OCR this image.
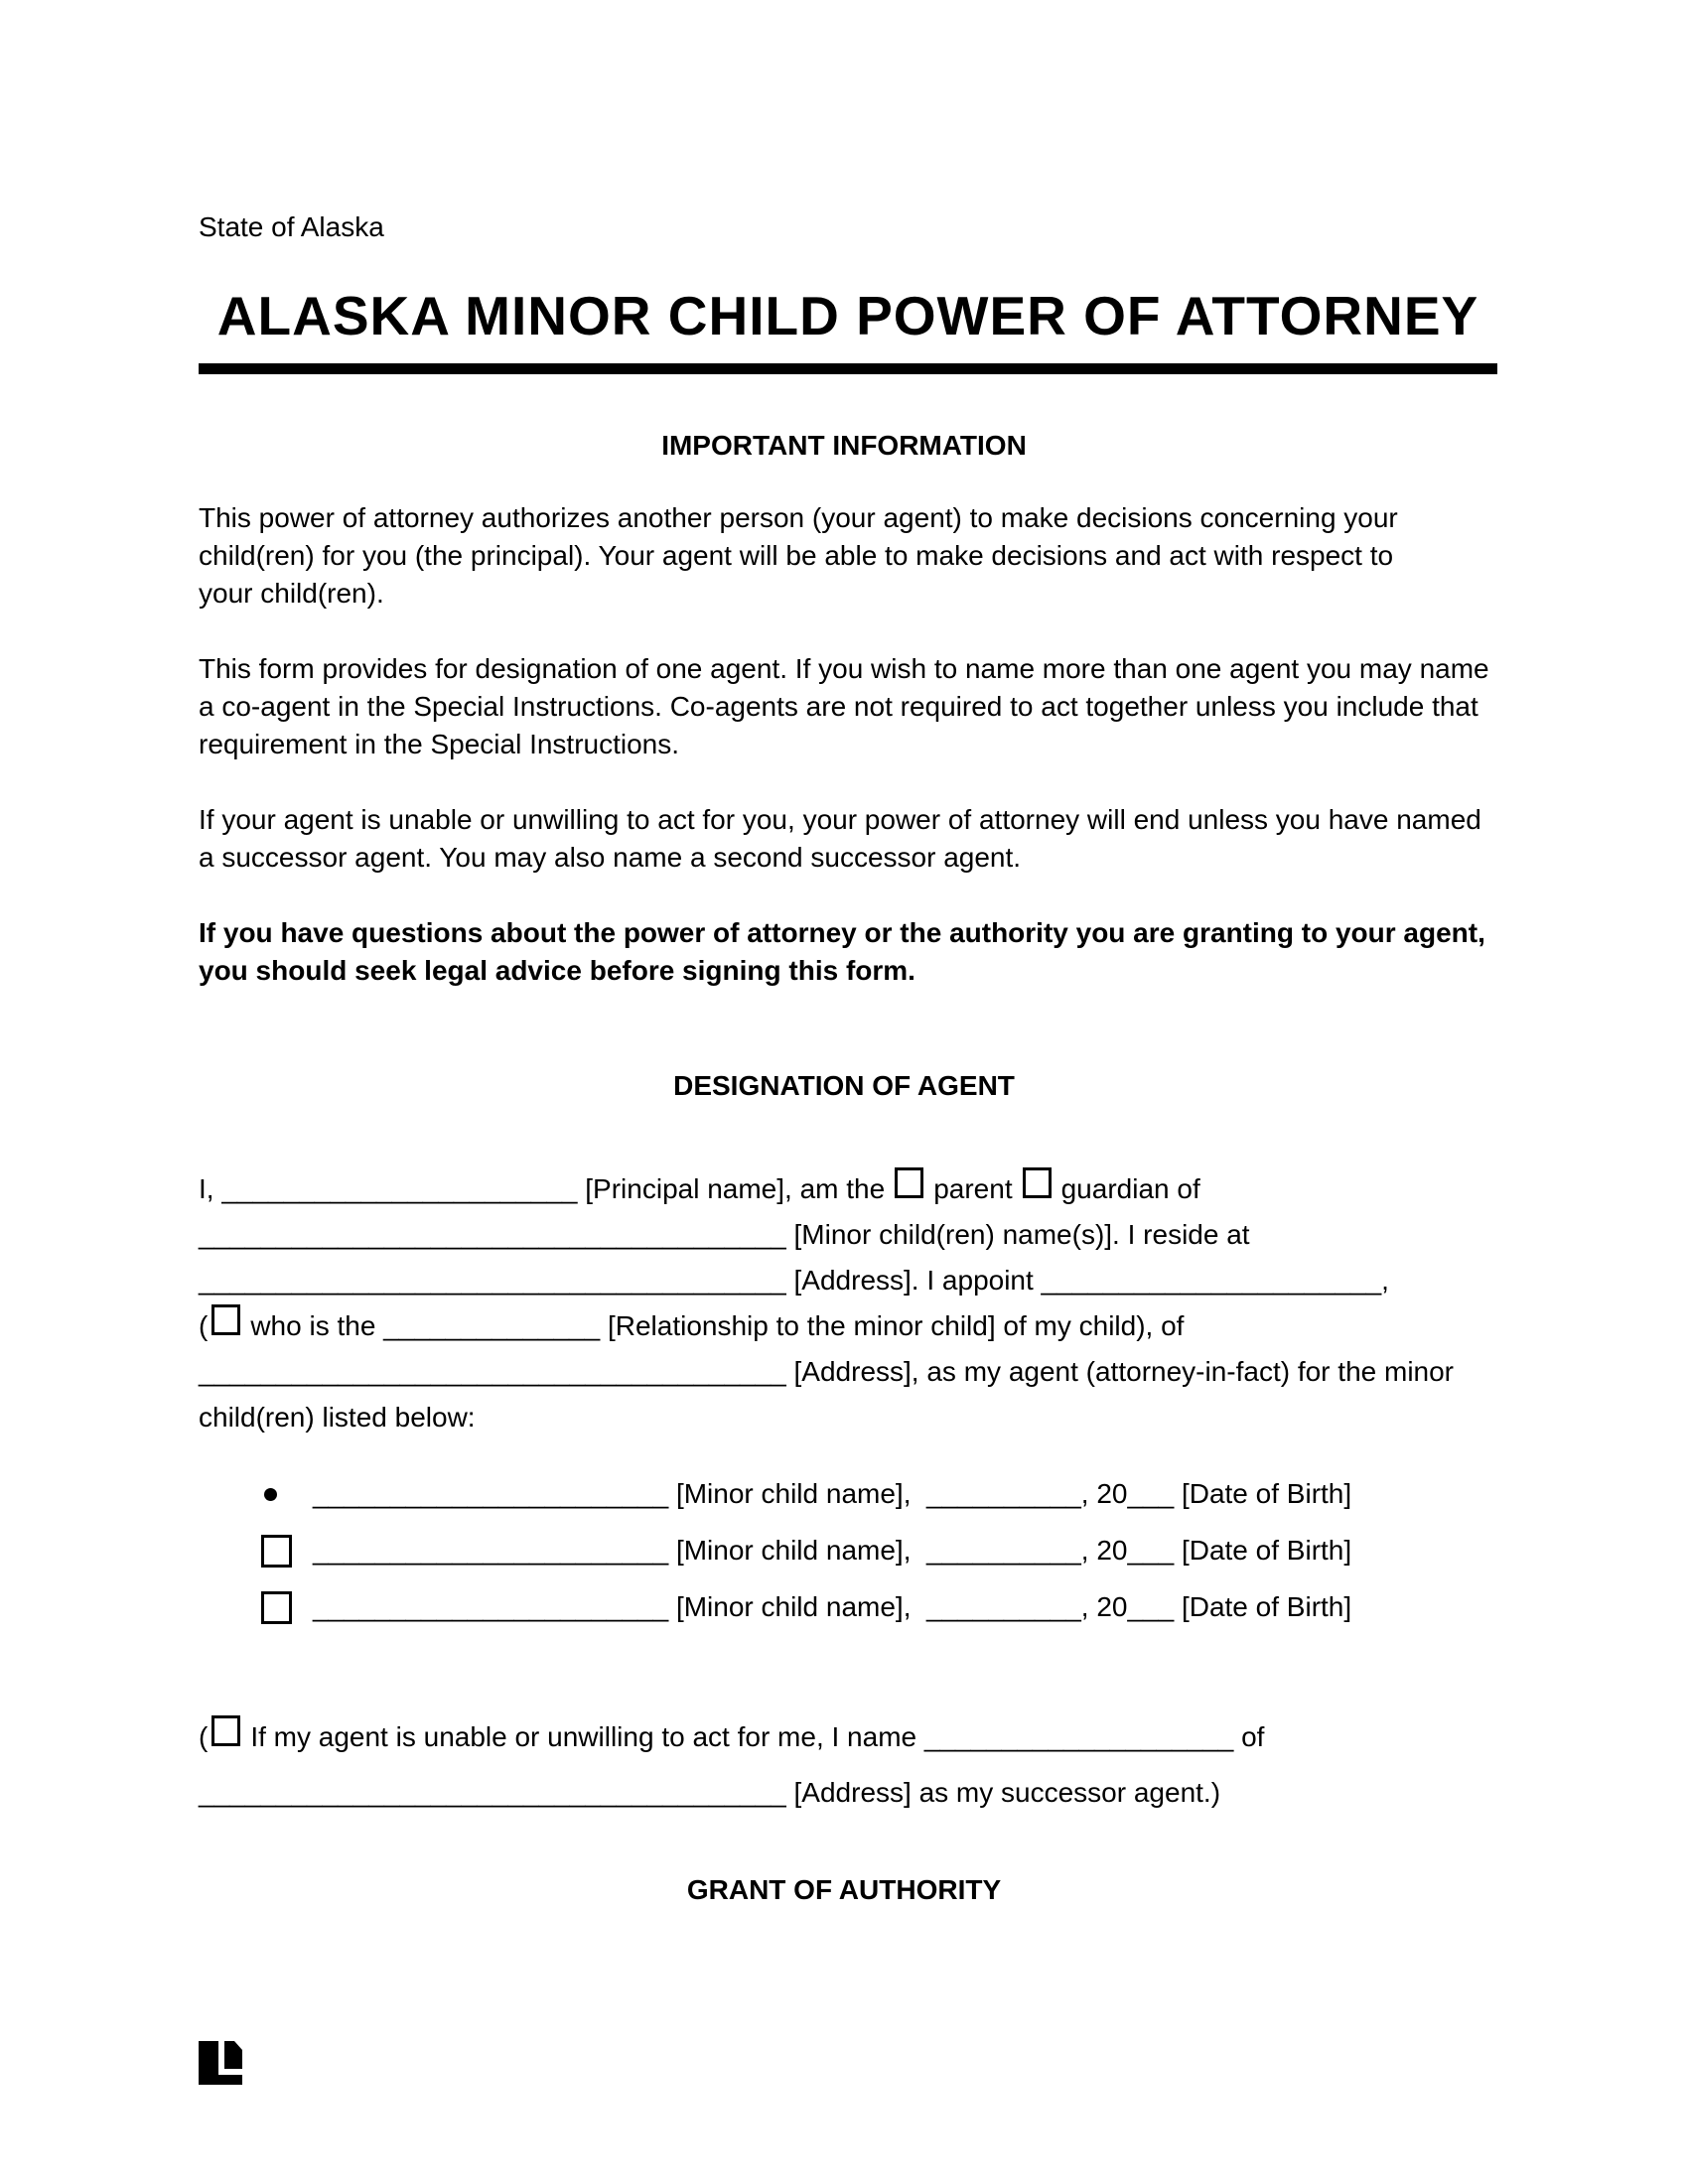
State of Alaska
ALASKA MINOR CHILD POWER OF ATTORNEY
IMPORTANT INFORMATION
This power of attorney authorizes another person (your agent) to make decisions concerning your
child(ren) for you (the principal). Your agent will be able to make decisions and act with respect to
your child(ren).
This form provides for designation of one agent. If you wish to name more than one agent you may name
a co-agent in the Special Instructions. Co-agents are not required to act together unless you include that
requirement in the Special Instructions.
If your agent is unable or unwilling to act for you, your power of attorney will end unless you have named
a successor agent. You may also name a second successor agent.
If you have questions about the power of attorney or the authority you are granting to your agent,
you should seek legal advice before signing this form.
DESIGNATION OF AGENT
I, _______________________ [Principal name], am the parent guardian of
______________________________________ [Minor child(ren) name(s)]. I reside at
______________________________________ [Address]. I appoint ______________________,
( who is the ______________ [Relationship to the minor child] of my child), of
______________________________________ [Address], as my agent (attorney-in-fact) for the minor
child(ren) listed below:
_______________________ [Minor child name],  __________, 20___ [Date of Birth]
_______________________ [Minor child name],  __________, 20___ [Date of Birth]
_______________________ [Minor child name],  __________, 20___ [Date of Birth]
( If my agent is unable or unwilling to act for me, I name ____________________ of
______________________________________ [Address] as my successor agent.)
GRANT OF AUTHORITY
